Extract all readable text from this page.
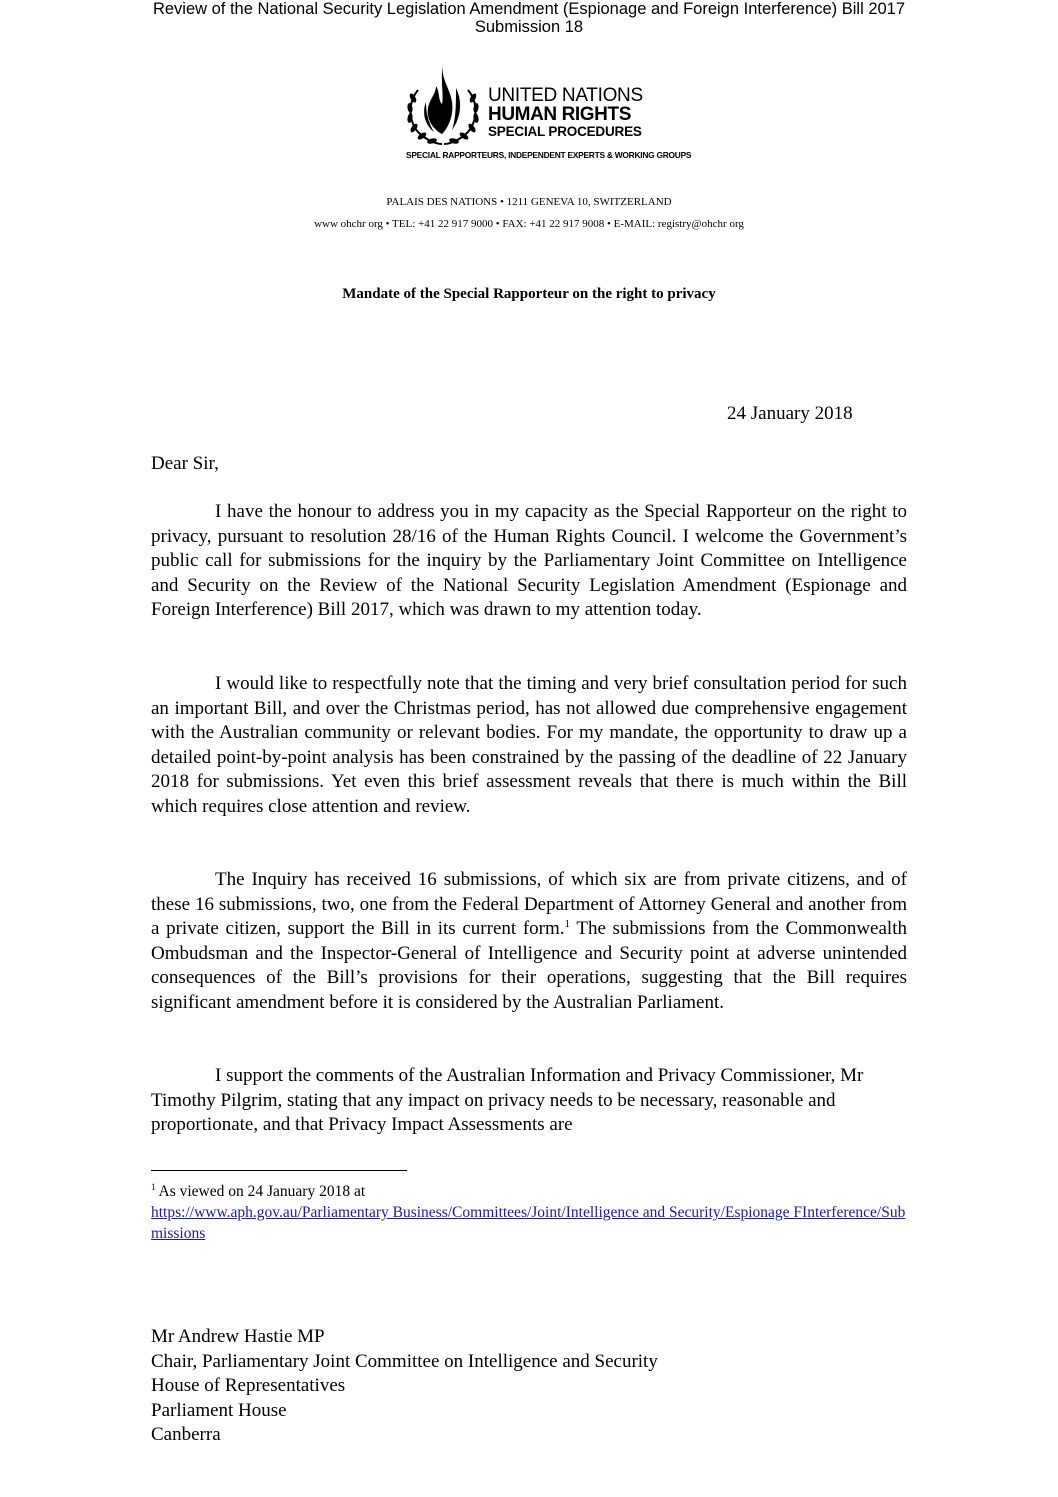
Review of the National Security Legislation Amendment (Espionage and Foreign Interference) Bill 2017
Submission 18
UNITED NATIONS
HUMAN RIGHTS
SPECIAL PROCEDURES
SPECIAL RAPPORTEURS, INDEPENDENT EXPERTS & WORKING GROUPS
PALAIS DES NATIONS • 1211 GENEVA 10, SWITZERLAND
www ohchr org • TEL: +41 22 917 9000 • FAX: +41 22 917 9008 • E-MAIL: registry@ohchr org
Mandate of the Special Rapporteur on the right to privacy
24 January 2018
Dear Sir,

I have the honour to address you in my capacity as the Special Rapporteur on the right to privacy, pursuant to resolution 28/16 of the Human Rights Council. I welcome the Government’s public call for submissions for the inquiry by the Parliamentary Joint Committee on Intelligence and Security on the Review of the National Security Legislation Amendment (Espionage and Foreign Interference) Bill 2017, which was drawn to my attention today.

I would like to respectfully note that the timing and very brief consultation period for such an important Bill, and over the Christmas period, has not allowed due comprehensive engagement with the Australian community or relevant bodies. For my mandate, the opportunity to draw up a detailed point-by-point analysis has been constrained by the passing of the deadline of 22 January 2018 for submissions. Yet even this brief assessment reveals that there is much within the Bill which requires close attention and review.

The Inquiry has received 16 submissions, of which six are from private citizens, and of these 16 submissions, two, one from the Federal Department of Attorney General and another from a private citizen, support the Bill in its current form.$^1$ The submissions from the Commonwealth Ombudsman and the Inspector-General of Intelligence and Security point at adverse unintended consequences of the Bill’s provisions for their operations, suggesting that the Bill requires significant amendment before it is considered by the Australian Parliament.

I support the comments of the Australian Information and Privacy Commissioner, Mr Timothy Pilgrim, stating that any impact on privacy needs to be necessary, reasonable and proportionate, and that Privacy Impact Assessments are

$^1$ As viewed on 24 January 2018 at
https://www.aph.gov.au/Parliamentary Business/Committees/Joint/Intelligence and Security/Espionage FInterference/Submissions
Mr Andrew Hastie MP
Chair, Parliamentary Joint Committee on Intelligence and Security
House of Representatives
Parliament House
Canberra
